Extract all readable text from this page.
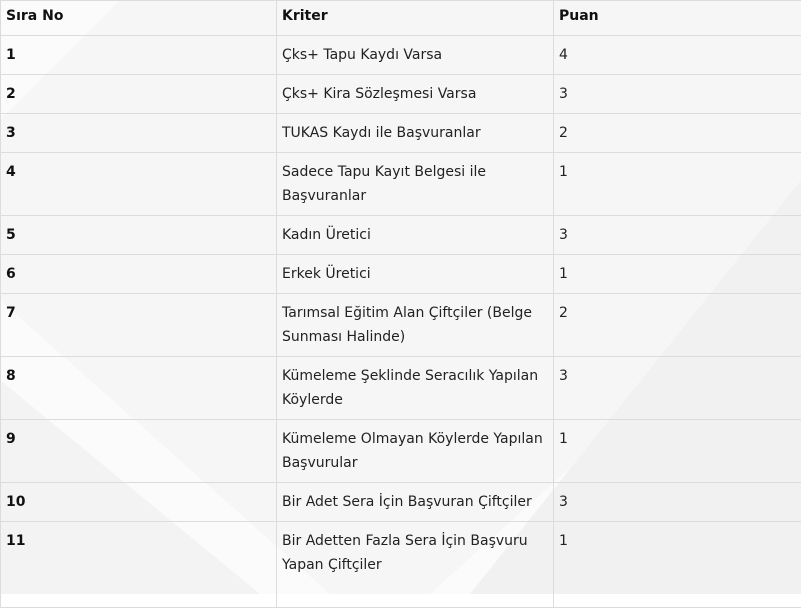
Sıra No	Kriter	Puan
1	Çks+ Tapu Kaydı Varsa	4
2	Çks+ Kira Sözleşmesi Varsa	3
3	TUKAS Kaydı ile Başvuranlar	2
4	Sadece Tapu Kayıt Belgesi ile Başvuranlar	1
5	Kadın Üretici	3
6	Erkek Üretici	1
7	Tarımsal Eğitim Alan Çiftçiler (Belge Sunması Halinde)	2
8	Kümeleme Şeklinde Seracılık Yapılan Köylerde	3
9	Kümeleme Olmayan Köylerde Yapılan Başvurular	1
10	Bir Adet Sera İçin Başvuran Çiftçiler	3
11	Bir Adetten Fazla Sera İçin Başvuru Yapan Çiftçiler	1
